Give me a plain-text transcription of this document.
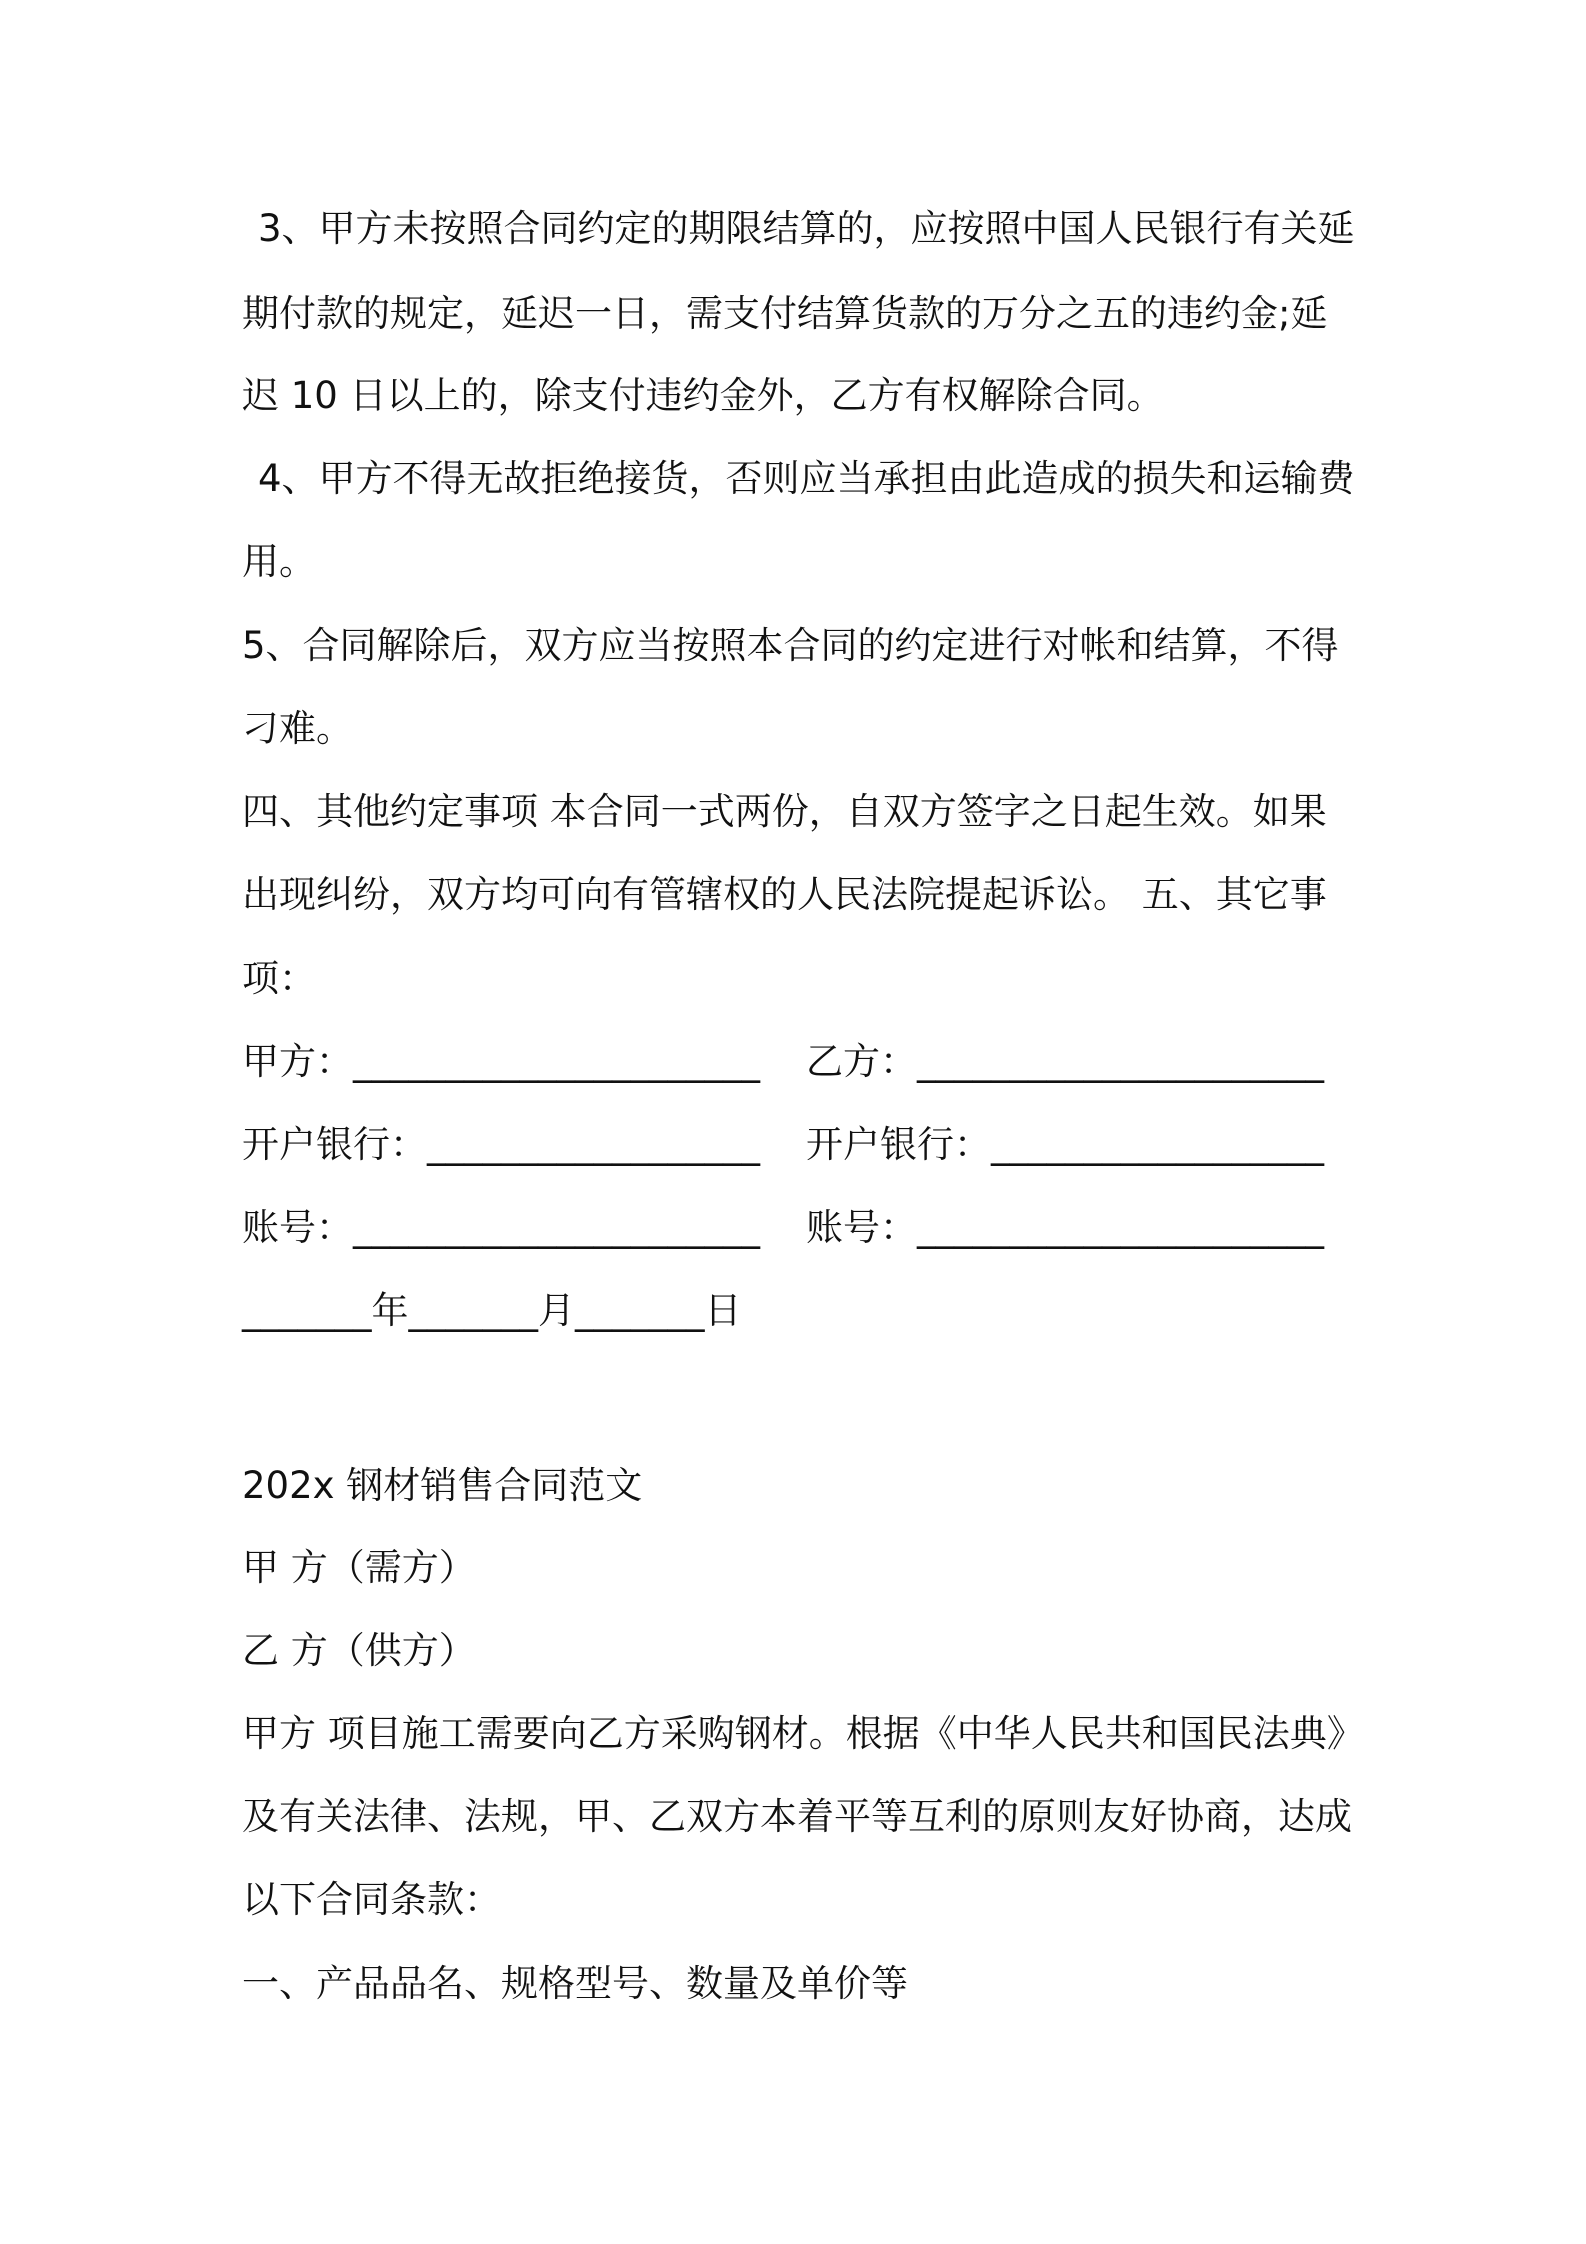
3、甲方未按照合同约定的期限结算的，应按照中国人民银行有关延
期付款的规定，延迟一日，需支付结算货款的万分之五的违约金;延
迟 10 日以上的，除支付违约金外，乙方有权解除合同。
4、甲方不得无故拒绝接货，否则应当承担由此造成的损失和运输费
用。
5、合同解除后，双方应当按照本合同的约定进行对帐和结算，不得
刁难。
四、其他约定事项 本合同一式两份，自双方签字之日起生效。如果
出现纠纷，双方均可向有管辖权的人民法院提起诉讼。 五、其它事
项：
甲方：______________________ 乙方：______________________
开户银行：__________________ 开户银行：__________________
账号：______________________ 账号：______________________
_______年_______月_______日
202x 钢材销售合同范文
甲 方（需方）
乙 方（供方）
甲方 项目施工需要向乙方采购钢材。根据《中华人民共和国民法典》
及有关法律、法规，甲、乙双方本着平等互利的原则友好协商，达成
以下合同条款：
一、产品品名、规格型号、数量及单价等
